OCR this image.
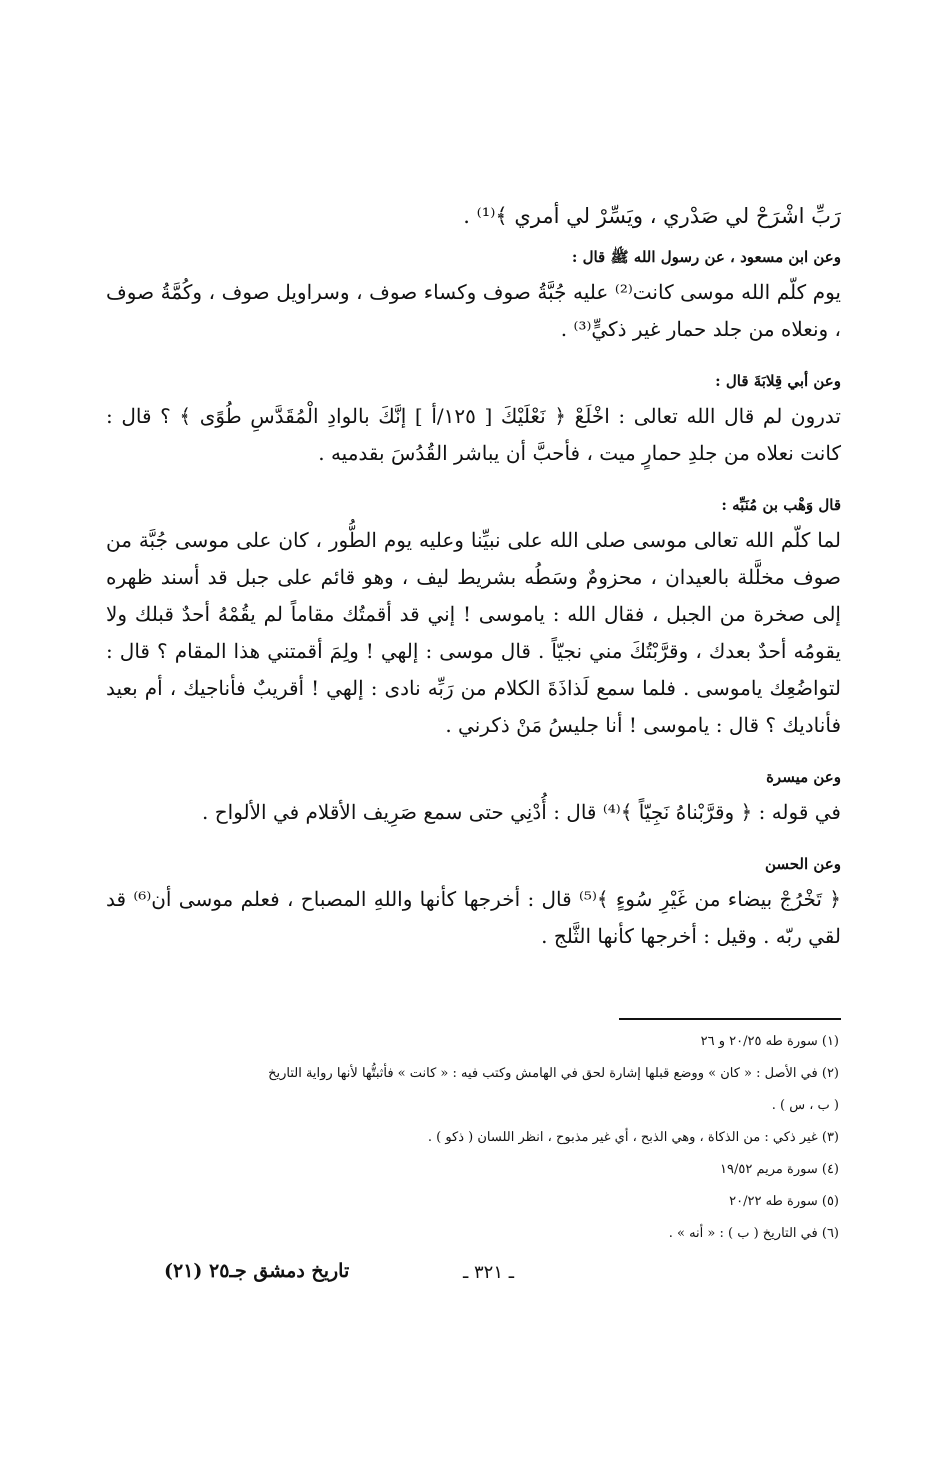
رَبِّ اشْرَحْ لي صَدْري ، ويَسِّرْ لي أمري ﴾⁽¹⁾ .

وعن ابن مسعود ، عن رسول الله ﷺ قال :

يوم كلّم الله موسى كانت⁽²⁾ عليه جُبَّةُ صوف وكساء صوف ، وسراويل صوف ، وكُمَّةُ صوف ، ونعلاه من جلد حمار غير ذكيٍّ⁽³⁾ .

وعن أبي قِلابَةَ قال :

تدرون لم قال الله تعالى : اخْلَعْ ﴿ نَعْلَيْكَ [ ١٢٥/أ ] إنَّكَ بالوادِ الْمُقَدَّسِ طُوًى ﴾ ؟ قال : كانت نعلاه من جلدِ حمارٍ ميت ، فأحبَّ أن يباشر القُدُسَ بقدميه .

قال وَهْب بن مُنَبِّه :

لما كلّم الله تعالى موسى صلى الله على نبيِّنا وعليه يوم الطُّور ، كان على موسى جُبَّة من صوف مخلَّلة بالعيدان ، محزومٌ وسَطُه بشريط ليف ، وهو قائم على جبل قد أسند ظهره إلى صخرة من الجبل ، فقال الله : ياموسى ! إني قد أقمتُك مقاماً لم يقُمْهُ أحدٌ قبلك ولا يقومُه أحدٌ بعدك ، وقرَّبْتُكَ مني نجيّاً . قال موسى : إلهي ! ولِمَ أقمتني هذا المقام ؟ قال : لتواضُعِك ياموسى . فلما سمع لَذاذَةَ الكلام من رَبِّه نادى : إلهي ! أقريبٌ فأناجيك ، أم بعيد فأناديك ؟ قال : ياموسى ! أنا جليسُ مَنْ ذكرني .

وعن ميسرة

في قوله : ﴿ وقرَّبْناهُ نَجِيّاً ﴾⁽⁴⁾ قال : أُدْنِي حتى سمع صَرِيف الأقلام في الألواح .

وعن الحسن

﴿ تَخْرُجْ بيضاء من غَيْرِ سُوءٍ ﴾⁽⁵⁾ قال : أخرجها كأنها واللهِ المصباح ، فعلم موسى أن⁽⁶⁾ قد لقي ربّه . وقيل : أخرجها كأنها الثَّلج .

(١) سورة طه ٢٠/٢٥ و ٢٦

(٢) في الأصل : « كان » ووضع قبلها إشارة لحق في الهامش وكتب فيه : « كانت » فأثبتُّها لأنها رواية التاريخ

( ب ، س ) .

(٣) غير ذكي : من الذكاة ، وهي الذبح ، أي غير مذبوح ، انظر اللسان ( ذكو ) .

(٤) سورة مريم ١٩/٥٢

(٥) سورة طه ٢٠/٢٢

(٦) في التاريخ ( ب ) : « أنه » .

ـ ٣٢١ ـ
تاريخ دمشق جـ٢٥ (٢١)
